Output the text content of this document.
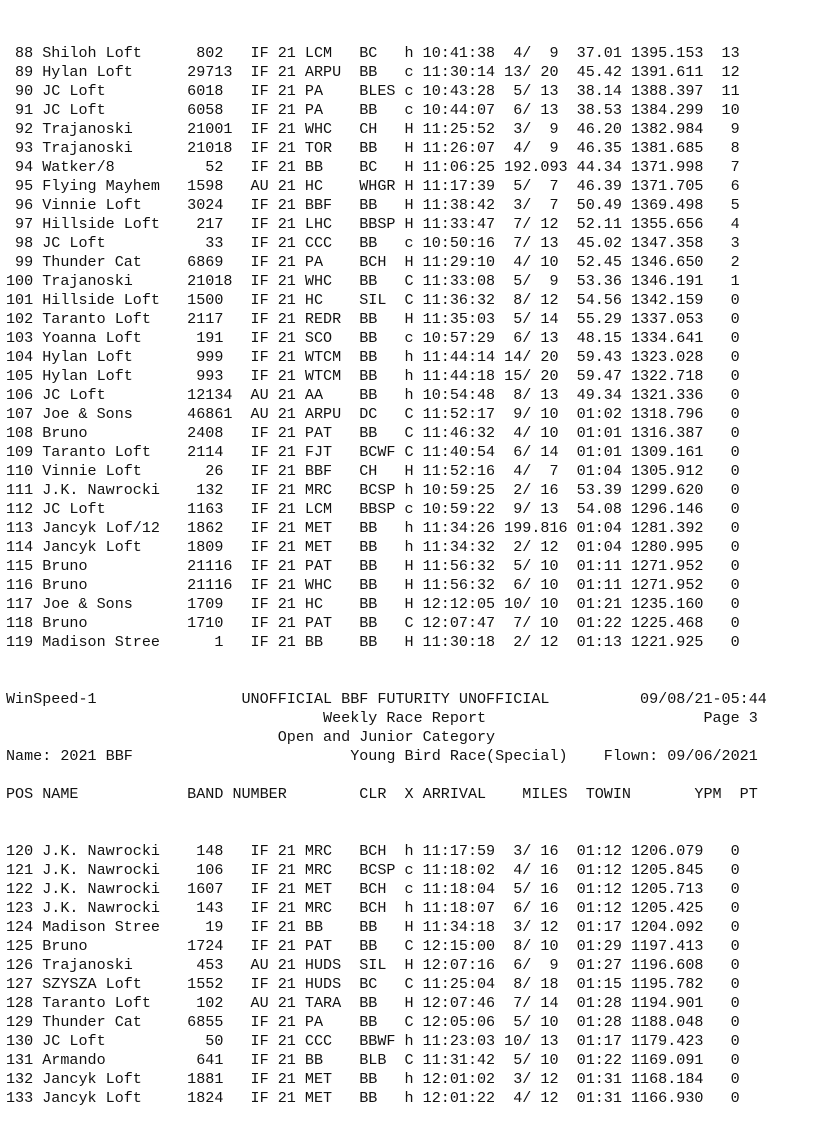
88 Shiloh Loft      802   IF 21 LCM   BC   h 10:41:38  4/  9  37.01 1395.153  13
89 Hylan Loft      29713  IF 21 ARPU  BB   c 11:30:14 13/ 20  45.42 1391.611  12
90 JC Loft         6018   IF 21 PA    BLES c 10:43:28  5/ 13  38.14 1388.397  11
91 JC Loft         6058   IF 21 PA    BB   c 10:44:07  6/ 13  38.53 1384.299  10
92 Trajanoski      21001  IF 21 WHC   CH   H 11:25:52  3/  9  46.20 1382.984   9
93 Trajanoski      21018  IF 21 TOR   BB   H 11:26:07  4/  9  46.35 1381.685   8
94 Watker/8          52   IF 21 BB    BC   H 11:06:25 192.093 44.34 1371.998   7
95 Flying Mayhem   1598   AU 21 HC    WHGR H 11:17:39  5/  7  46.39 1371.705   6
96 Vinnie Loft     3024   IF 21 BBF   BB   H 11:38:42  3/  7  50.49 1369.498   5
97 Hillside Loft    217   IF 21 LHC   BBSP H 11:33:47  7/ 12  52.11 1355.656   4
98 JC Loft           33   IF 21 CCC   BB   c 10:50:16  7/ 13  45.02 1347.358   3
99 Thunder Cat     6869   IF 21 PA    BCH  H 11:29:10  4/ 10  52.45 1346.650   2
100 Trajanoski      21018  IF 21 WHC   BB   C 11:33:08  5/  9  53.36 1346.191   1
101 Hillside Loft   1500   IF 21 HC    SIL  C 11:36:32  8/ 12  54.56 1342.159   0
102 Taranto Loft    2117   IF 21 REDR  BB   H 11:35:03  5/ 14  55.29 1337.053   0
103 Yoanna Loft      191   IF 21 SCO   BB   c 10:57:29  6/ 13  48.15 1334.641   0
104 Hylan Loft       999   IF 21 WTCM  BB   h 11:44:14 14/ 20  59.43 1323.028   0
105 Hylan Loft       993   IF 21 WTCM  BB   h 11:44:18 15/ 20  59.47 1322.718   0
106 JC Loft         12134  AU 21 AA    BB   h 10:54:48  8/ 13  49.34 1321.336   0
107 Joe & Sons      46861  AU 21 ARPU  DC   C 11:52:17  9/ 10  01:02 1318.796   0
108 Bruno           2408   IF 21 PAT   BB   C 11:46:32  4/ 10  01:01 1316.387   0
109 Taranto Loft    2114   IF 21 FJT   BCWF C 11:40:54  6/ 14  01:01 1309.161   0
110 Vinnie Loft       26   IF 21 BBF   CH   H 11:52:16  4/  7  01:04 1305.912   0
111 J.K. Nawrocki    132   IF 21 MRC   BCSP h 10:59:25  2/ 16  53.39 1299.620   0
112 JC Loft         1163   IF 21 LCM   BBSP c 10:59:22  9/ 13  54.08 1296.146   0
113 Jancyk Lof/12   1862   IF 21 MET   BB   h 11:34:26 199.816 01:04 1281.392   0
114 Jancyk Loft     1809   IF 21 MET   BB   h 11:34:32  2/ 12  01:04 1280.995   0
115 Bruno           21116  IF 21 PAT   BB   H 11:56:32  5/ 10  01:11 1271.952   0
116 Bruno           21116  IF 21 WHC   BB   H 11:56:32  6/ 10  01:11 1271.952   0
117 Joe & Sons      1709   IF 21 HC    BB   H 12:12:05 10/ 10  01:21 1235.160   0
118 Bruno           1710   IF 21 PAT   BB   C 12:07:47  7/ 10  01:22 1225.468   0
119 Madison Stree      1   IF 21 BB    BB   H 11:30:18  2/ 12  01:13 1221.925   0

WinSpeed-1                UNOFFICIAL BBF FUTURITY UNOFFICIAL          09/08/21-05:44
Weekly Race Report                        Page 3
Open and Junior Category
Name: 2021 BBF                        Young Bird Race(Special)    Flown: 09/06/2021
POS NAME            BAND NUMBER        CLR  X ARRIVAL    MILES  TOWIN       YPM  PT

120 J.K. Nawrocki    148   IF 21 MRC   BCH  h 11:17:59  3/ 16  01:12 1206.079   0
121 J.K. Nawrocki    106   IF 21 MRC   BCSP c 11:18:02  4/ 16  01:12 1205.845   0
122 J.K. Nawrocki   1607   IF 21 MET   BCH  c 11:18:04  5/ 16  01:12 1205.713   0
123 J.K. Nawrocki    143   IF 21 MRC   BCH  h 11:18:07  6/ 16  01:12 1205.425   0
124 Madison Stree     19   IF 21 BB    BB   H 11:34:18  3/ 12  01:17 1204.092   0
125 Bruno           1724   IF 21 PAT   BB   C 12:15:00  8/ 10  01:29 1197.413   0
126 Trajanoski       453   AU 21 HUDS  SIL  H 12:07:16  6/  9  01:27 1196.608   0
127 SZYSZA Loft     1552   IF 21 HUDS  BC   C 11:25:04  8/ 18  01:15 1195.782   0
128 Taranto Loft     102   AU 21 TARA  BB   H 12:07:46  7/ 14  01:28 1194.901   0
129 Thunder Cat     6855   IF 21 PA    BB   C 12:05:06  5/ 10  01:28 1188.048   0
130 JC Loft           50   IF 21 CCC   BBWF h 11:23:03 10/ 13  01:17 1179.423   0
131 Armando          641   IF 21 BB    BLB  C 11:31:42  5/ 10  01:22 1169.091   0
132 Jancyk Loft     1881   IF 21 MET   BB   h 12:01:02  3/ 12  01:31 1168.184   0
133 Jancyk Loft     1824   IF 21 MET   BB   h 12:01:22  4/ 12  01:31 1166.930   0
